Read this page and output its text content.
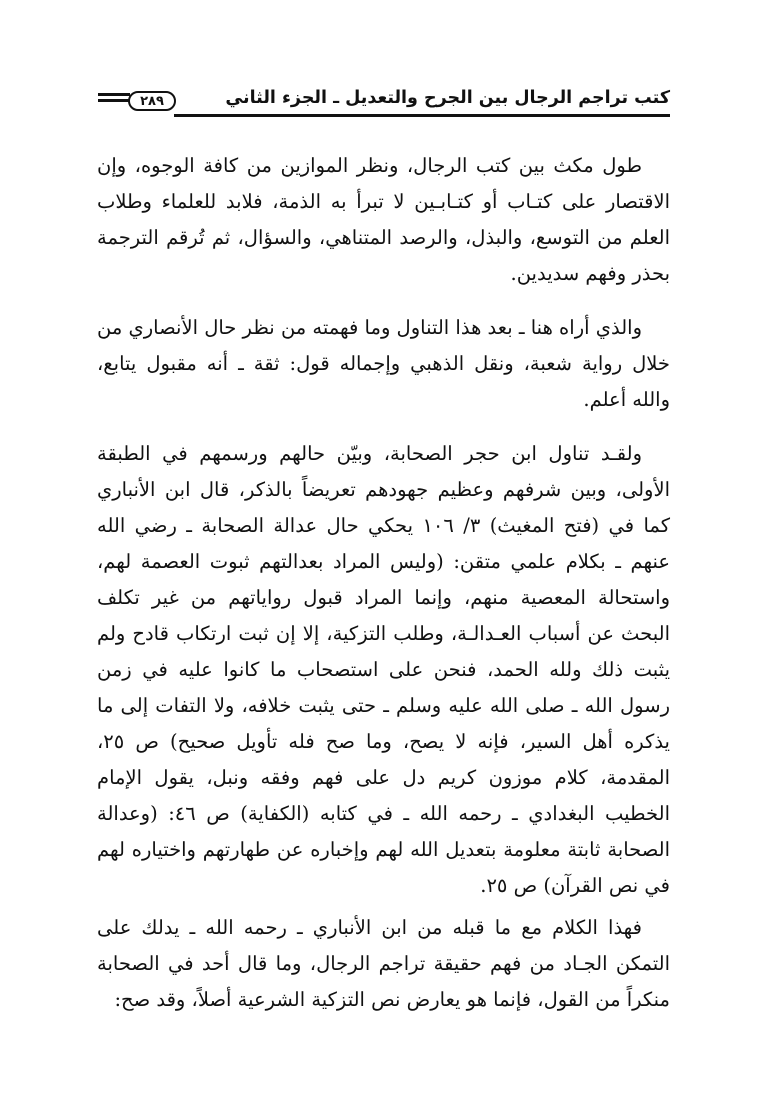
٢٨٩	كتب تراجم الرجال بين الجرح والتعديل ـ الجزء الثاني

طول مكث بين كتب الرجال، ونظر الموازين من كافة الوجوه، وإن الاقتصار على كتـاب أو كتـابـين لا تبرأ به الذمة، فلابد للعلماء وطلاب العلم من التوسع، والبذل، والرصد المتناهي، والسؤال، ثم تُرقم الترجمة بحذر وفهم سديدين.

والذي أراه هنا ـ بعد هذا التناول وما فهمته من نظر حال الأنصاري من خلال رواية شعبة، ونقل الذهبي وإجماله قول: ثقة ـ أنه مقبول يتابع، والله أعلم.

ولقـد تناول ابن حجر الصحابة، وبيّن حالهم ورسمهم في الطبقة الأولى، وبين شرفهم وعظيم جهودهم تعريضاً بالذكر، قال ابن الأنباري كما في (فتح المغيث) ٣/ ١٠٦ يحكي حال عدالة الصحابة ـ رضي الله عنهم ـ بكلام علمي متقن: (وليس المراد بعدالتهم ثبوت العصمة لهم، واستحالة المعصية منهم، وإنما المراد قبول رواياتهم من غير تكلف البحث عن أسباب العـدالـة، وطلب التزكية، إلا إن ثبت ارتكاب قادح ولم يثبت ذلك ولله الحمد، فنحن على استصحاب ما كانوا عليه في زمن رسول الله ـ صلى الله عليه وسلم ـ حتى يثبت خلافه، ولا التفات إلى ما يذكره أهل السير، فإنه لا يصح، وما صح فله تأويل صحيح) ص ٢٥، المقدمة، كلام موزون كريم دل على فهم وفقه ونبل، يقول الإمام الخطيب البغدادي ـ رحمه الله ـ في كتابه (الكفاية) ص ٤٦: (وعدالة الصحابة ثابتة معلومة بتعديل الله لهم وإخباره عن طهارتهم واختياره لهم في نص القرآن) ص ٢٥.

فهذا الكلام مع ما قبله من ابن الأنباري ـ رحمه الله ـ يدلك على التمكن الجـاد من فهم حقيقة تراجم الرجال، وما قال أحد في الصحابة منكراً من القول، فإنما هو يعارض نص التزكية الشرعية أصلاً، وقد صح:
